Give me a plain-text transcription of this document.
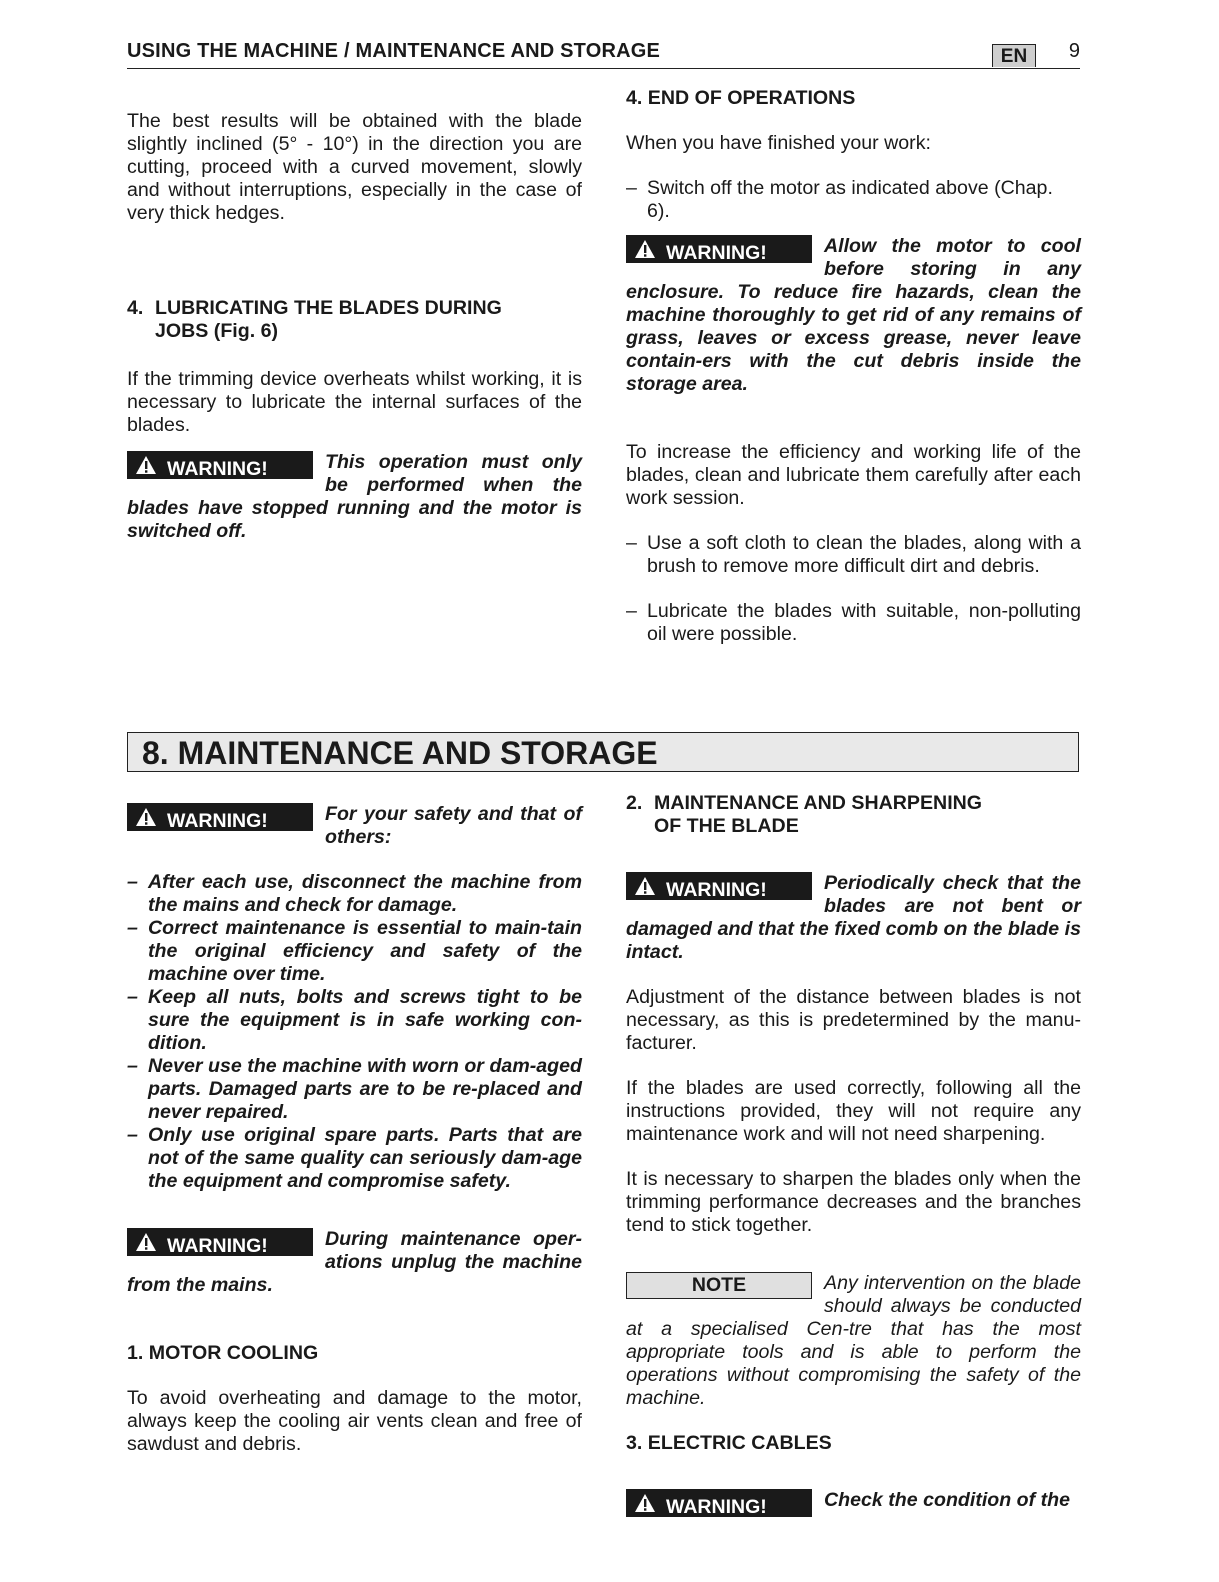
USING THE MACHINE / MAINTENANCE AND STORAGE	EN	9

The best results will be obtained with the blade slightly inclined (5° - 10°) in the direction you are cutting, proceed with a curved movement, slowly and without interruptions, especially in the case of very thick hedges.

4. LUBRICATING THE BLADES DURING
JOBS (Fig. 6)

If the trimming device overheats whilst working, it is necessary to lubricate the internal surfaces of the blades.

WARNING!	This operation must only be performed when the blades have stopped running and the motor is switched off.
4. END OF OPERATIONS

When you have finished your work:

– Switch off the motor as indicated above (Chap. 6).
WARNING!	Allow the motor to cool before storing in any enclosure. To reduce fire hazards, clean the machine thoroughly to get rid of any remains of grass, leaves or excess grease, never leave contain-ers with the cut debris inside the storage area.

To increase the efficiency and working life of the blades, clean and lubricate them carefully after each work session.

– Use a soft cloth to clean the blades, along with a brush to remove more difficult dirt and debris.
– Lubricate the blades with suitable, non-polluting oil were possible.
8. MAINTENANCE AND STORAGE
WARNING!	For your safety and that of others:
– After each use, disconnect the machine from the mains and check for damage.
– Correct maintenance is essential to main-tain the original efficiency and safety of the machine over time.
– Keep all nuts, bolts and screws tight to be sure the equipment is in safe working con-dition.
– Never use the machine with worn or dam-aged parts. Damaged parts are to be re-placed and never repaired.
– Only use original spare parts. Parts that are not of the same quality can seriously dam-age the equipment and compromise safety.
WARNING!	During maintenance oper-ations unplug the machine from the mains.
1. MOTOR COOLING

To avoid overheating and damage to the motor, always keep the cooling air vents clean and free of sawdust and debris.

2. MAINTENANCE AND SHARPENING
OF THE BLADE
WARNING!	Periodically check that the blades are not bent or damaged and that the fixed comb on the blade is intact.

Adjustment of the distance between blades is not necessary, as this is predetermined by the manu-facturer.

If the blades are used correctly, following all the instructions provided, they will not require any maintenance work and will not need sharpening.

It is necessary to sharpen the blades only when the trimming performance decreases and the branches tend to stick together.

NOTE	Any intervention on the blade should always be conducted at a specialised Cen-tre that has the most appropriate tools and is able to perform the operations without compromising the safety of the machine.
3. ELECTRIC CABLES
WARNING!	Check the condition of the
